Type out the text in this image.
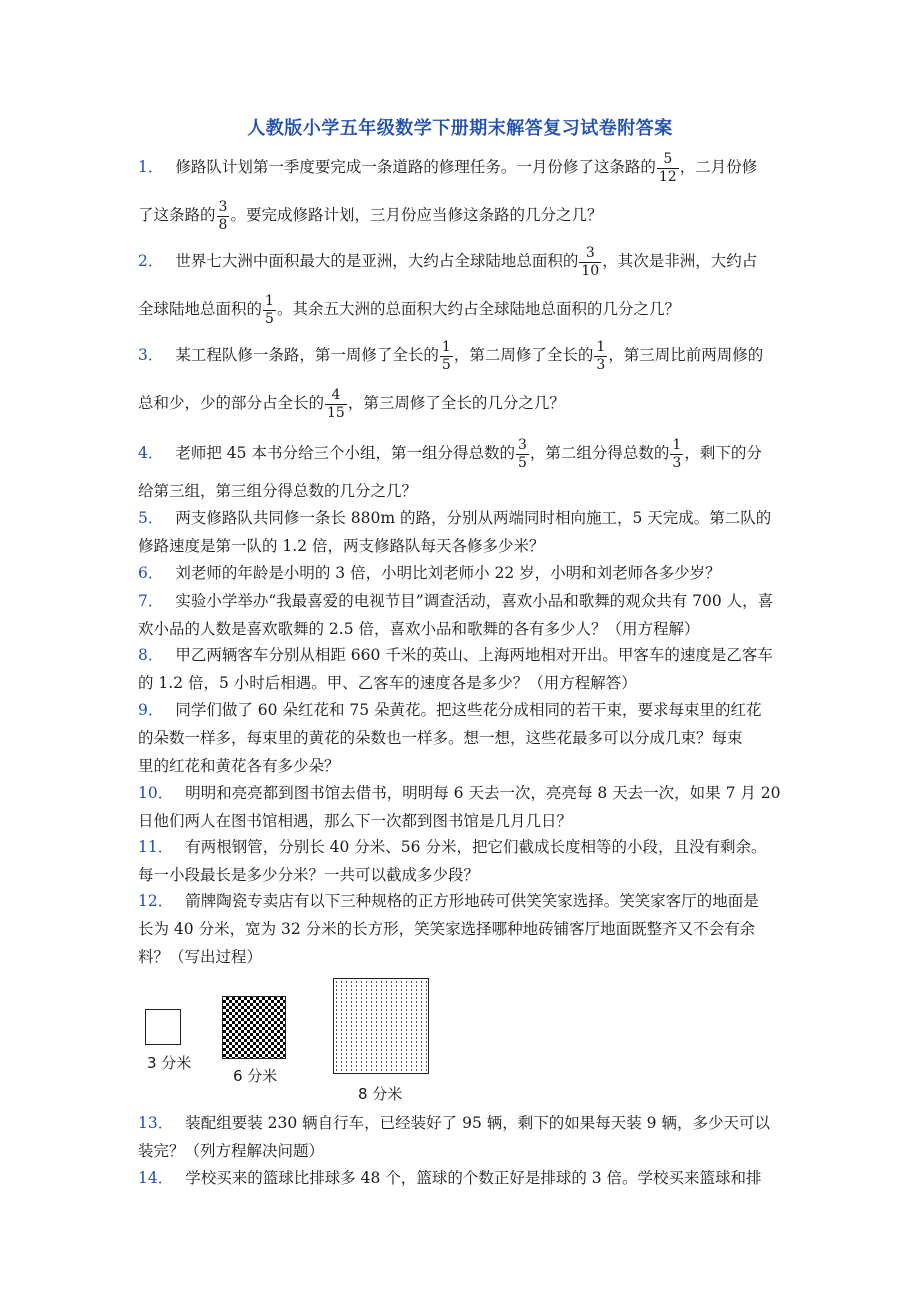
人教版小学五年级数学下册期末解答复习试卷附答案
1． 修路队计划第一季度要完成一条道路的修理任务。一月份修了这条路的 $\frac{5}{12}$ ，二月份修
了这条路的 $\frac{3}{8}$ 。要完成修路计划，三月份应当修这条路的几分之几？
2． 世界七大洲中面积最大的是亚洲，大约占全球陆地总面积的 $\frac{3}{10}$ ，其次是非洲，大约占
全球陆地总面积的 $\frac{1}{5}$ 。其余五大洲的总面积大约占全球陆地总面积的几分之几？
3． 某工程队修一条路，第一周修了全长的 $\frac{1}{5}$ ，第二周修了全长的 $\frac{1}{3}$ ，第三周比前两周修的
总和少，少的部分占全长的 $\frac{4}{15}$ ，第三周修了全长的几分之几？
4． 老师把 45 本书分给三个小组，第一组分得总数的 $\frac{3}{5}$ ，第二组分得总数的 $\frac{1}{3}$ ，剩下的分
给第三组，第三组分得总数的几分之几？
5． 两支修路队共同修一条长 880m 的路，分别从两端同时相向施工，5 天完成。第二队的
修路速度是第一队的 1.2 倍，两支修路队每天各修多少米？
6． 刘老师的年龄是小明的 3 倍，小明比刘老师小 22 岁，小明和刘老师各多少岁？
7． 实验小学举办“我最喜爱的电视节目”调查活动，喜欢小品和歌舞的观众共有 700 人，喜
欢小品的人数是喜欢歌舞的 2.5 倍，喜欢小品和歌舞的各有多少人？（用方程解）
8． 甲乙两辆客车分别从相距 660 千米的英山、上海两地相对开出。甲客车的速度是乙客车
的 1.2 倍，5 小时后相遇。甲、乙客车的速度各是多少？（用方程解答）
9． 同学们做了 60 朵红花和 75 朵黄花。把这些花分成相同的若干束，要求每束里的红花
的朵数一样多，每束里的黄花的朵数也一样多。想一想，这些花最多可以分成几束？每束
里的红花和黄花各有多少朵？
10． 明明和亮亮都到图书馆去借书，明明每 6 天去一次，亮亮每 8 天去一次，如果 7 月 20
日他们两人在图书馆相遇，那么下一次都到图书馆是几月几日？
11． 有两根钢管，分别长 40 分米、56 分米，把它们截成长度相等的小段，且没有剩余。
每一小段最长是多少分米？一共可以截成多少段？
12． 箭牌陶瓷专卖店有以下三种规格的正方形地砖可供笑笑家选择。笑笑家客厅的地面是
长为 40 分米，宽为 32 分米的长方形，笑笑家选择哪种地砖铺客厅地面既整齐又不会有余
料？（写出过程）
3 分米
6 分米
8 分米
13． 装配组要装 230 辆自行车，已经装好了 95 辆，剩下的如果每天装 9 辆，多少天可以
装完？（列方程解决问题）
14． 学校买来的篮球比排球多 48 个，篮球的个数正好是排球的 3 倍。学校买来篮球和排
